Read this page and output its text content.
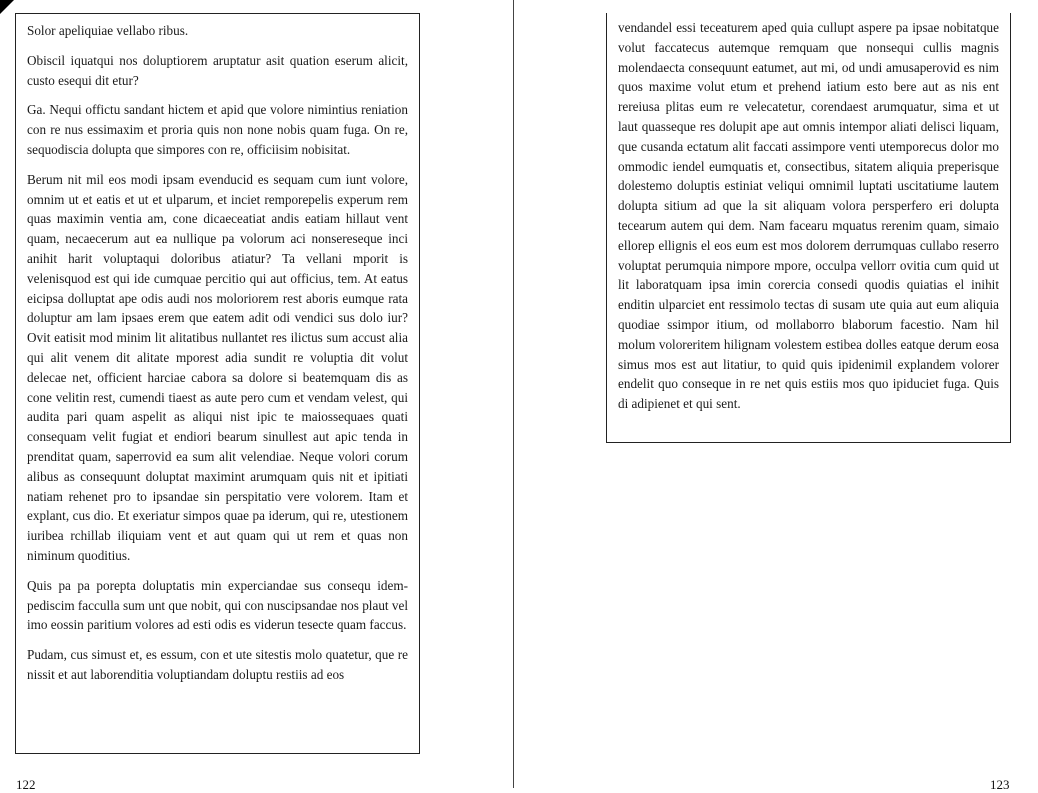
Solor apeliquiae vellabo ribus.

Obiscil iquatqui nos doluptiorem aruptatur asit quation eserum alicit, custo esequi dit etur?

Ga. Nequi offictu sandant hictem et apid que volore nimintius reniation con re nus essimaxim et proria quis non none nobis quam fuga. On re, sequodiscia dolupta que simpores con re, officiisim nobisitat.

Berum nit mil eos modi ipsam evenducid es sequam cum iunt volore, omnim ut et eatis et ut et ulparum, et inciet remporepelis experum rem quas maximin ventia am, cone dicaeceatiat andis eatiam hillaut vent quam, necaecerum aut ea nullique pa volorum aci nonsereseque inci anihit harit voluptaqui doloribus atiatur? Ta vellani mporit is velenisquod est qui ide cumquae percitio qui aut officius, tem. At eatus eicipsa dolluptat ape odis audi nos moloriorem rest aboris eumque rata doluptur am lam ipsaes erem que eatem adit odi vendici sus dolo iur? Ovit eatisit mod minim lit alitatibus nullantet res ilictus sum accust alia qui alit venem dit alitate mporest adia sundit re voluptia dit volut delecae net, officient harciae cabora sa dolore si beatemquam dis as cone velitin rest, cumendi tiaest as aute pero cum et vendam velest, qui audita pari quam aspelit as aliqui nist ipic te maiossequaes quati consequam velit fugiat et endiori bearum sinullest aut apic tenda in prenditat quam, saperrovid ea sum alit velendiae. Neque volori corum alibus as consequunt doluptat maximint arumquam quis nit et ipitiati natiam rehenet pro to ipsandae sin perspitatio vere volorem. Itam et explant, cus dio. Et exeriatur simpos quae pa iderum, qui re, utestionem iuribea rchillab iliquiam vent et aut quam qui ut rem et quas non niminum quoditius.

Quis pa pa porepta doluptatis min experciandae sus consequ idempediscim facculla sum unt que nobit, qui con nuscipsandae nos plaut vel imo eossin paritium volores ad esti odis es viderun tesecte quam faccus.

Pudam, cus simust et, es essum, con et ute sitestis molo quatetur, que re nissit et aut laborenditia voluptiandam doluptu restiis ad eos

vendandel essi teceaturem aped quia cullupt aspere pa ipsae nobitatque volut faccatecus autemque remquam que nonsequi cullis magnis molendaecta consequunt eatumet, aut mi, od undi amusaperovid es nim quos maxime volut etum et prehend iatium esto bere aut as nis ent rereiusa plitas eum re velecatetur, corendaest arumquatur, sima et ut laut quasseque res dolupit ape aut omnis intempor aliati delisci liquam, que cusanda ectatum alit faccati assimpore venti utemporecus dolor mo ommodic iendel eumquatis et, consectibus, sitatem aliquia preperisque dolestemo doluptis estiniat veliqui omnimil luptati uscitatiume lautem dolupta sitium ad que la sit aliquam volora persperfero eri dolupta tecearum autem qui dem. Nam facearu mquatus rerenim quam, simaio ellorep ellignis el eos eum est mos dolorem derrumquas cullabo reserro voluptat perumquia nimpore mpore, occulpa vellorr ovitia cum quid ut lit laboratquam ipsa imin corercia consedi quodis quiatias el inihit enditin ulparciet ent ressimolo tectas di susam ute quia aut eum aliquia quodiae ssimpor itium, od mollaborro blaborum facestio. Nam hil molum voloreritem hilignam volestem estibea dolles eatque derum eosa simus mos est aut litatiur, to quid quis ipidenimil explandem volorer endelit quo conseque in re net quis estiis mos quo ipiduciet fuga. Quis di adipienet et qui sent.

122	123
